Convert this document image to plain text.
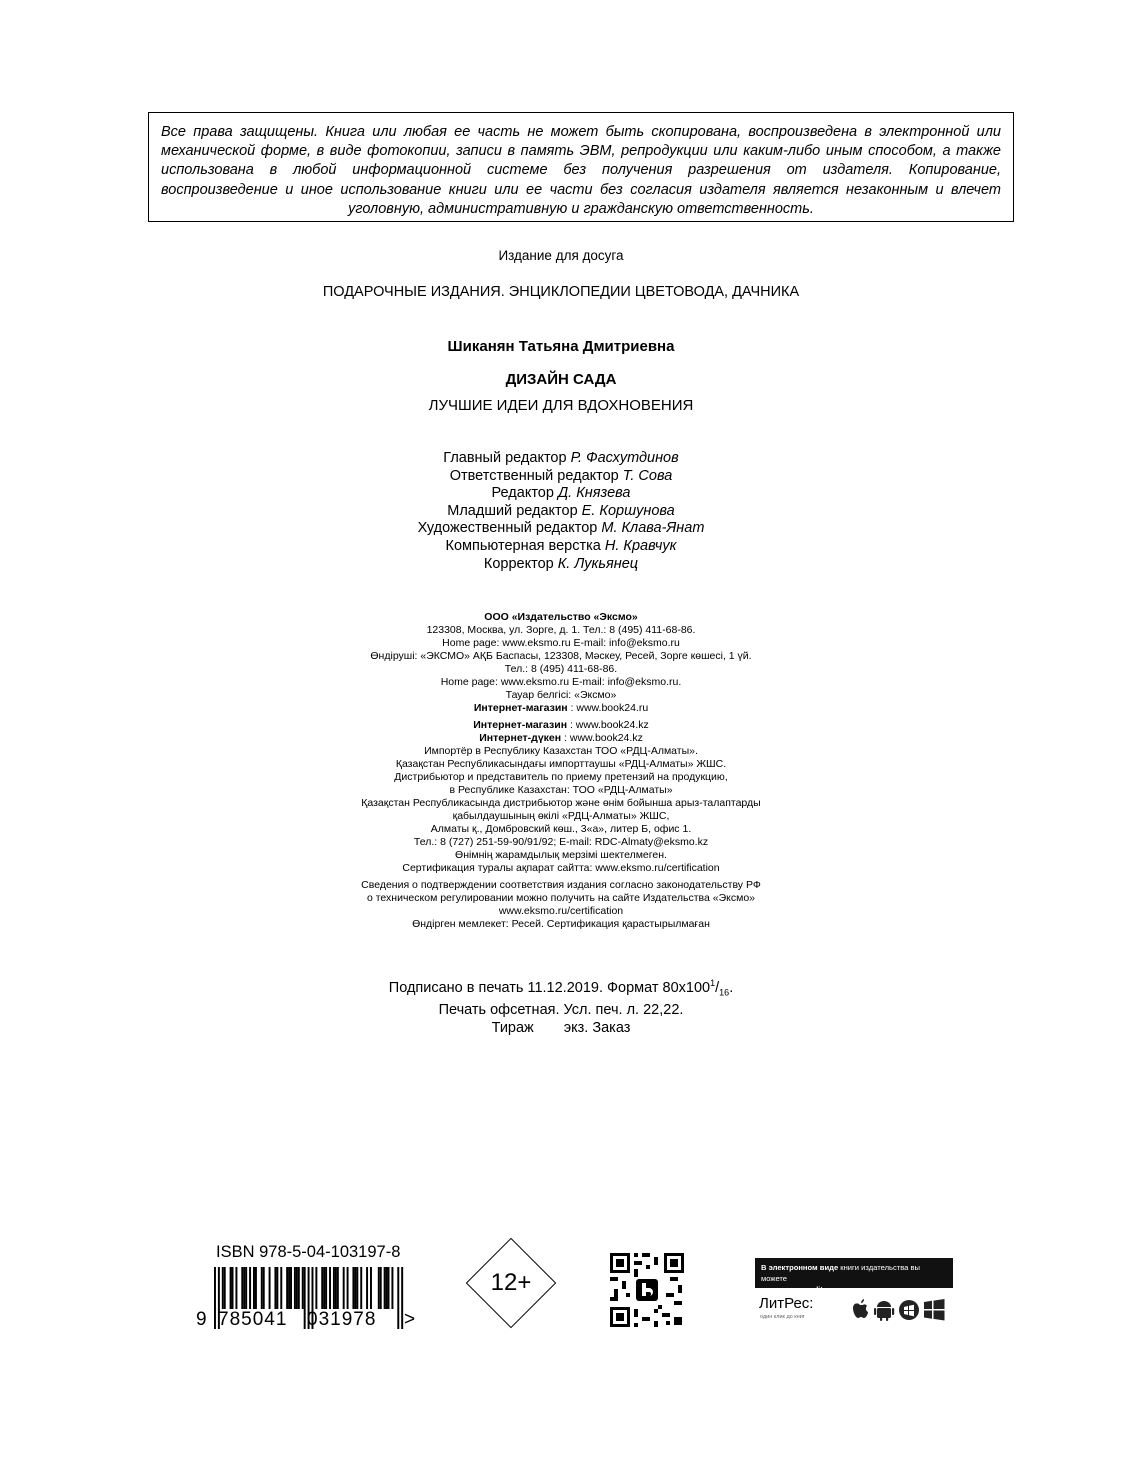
Все права защищены. Книга или любая ее часть не может быть скопирована, воспроизведена в электронной или механической форме, в виде фотокопии, записи в память ЭВМ, репродукции или каким-либо иным способом, а также использована в любой информационной системе без получения разрешения от издателя. Копирование, воспроизведение и иное использование книги или ее части без согласия издателя является незаконным и влечет уголовную, административную и гражданскую ответственность.
Издание для досуга
ПОДАРОЧНЫЕ ИЗДАНИЯ. ЭНЦИКЛОПЕДИИ ЦВЕТОВОДА, ДАЧНИКА
Шиканян Татьяна Дмитриевна
ДИЗАЙН САДА
ЛУЧШИЕ ИДЕИ ДЛЯ ВДОХНОВЕНИЯ
Главный редактор Р. Фасхутдинов
Ответственный редактор Т. Сова
Редактор Д. Князева
Младший редактор Е. Коршунова
Художественный редактор М. Клава-Янат
Компьютерная верстка Н. Кравчук
Корректор К. Лукьянец
ООО «Издательство «Эксмо»
123308, Москва, ул. Зорге, д. 1. Тел.: 8 (495) 411-68-86.
Home page: www.eksmo.ru E-mail: info@eksmo.ru
Өндіруші: «ЭКСМО» АҚБ Баспасы, 123308, Мәскеу, Ресей, Зорге көшесі, 1 үй.
Тел.: 8 (495) 411-68-86.
Home page: www.eksmo.ru E-mail: info@eksmo.ru.
Тауар белгісі: «Эксмо»
Интернет-магазин : www.book24.ru
Интернет-магазин : www.book24.kz
Интернет-дүкен : www.book24.kz
Импортёр в Республику Казахстан ТОО «РДЦ-Алматы».
Қазақстан Республикасындағы импорттаушы «РДЦ-Алматы» ЖШС.
Дистрибьютор и представитель по приему претензий на продукцию,
в Республике Казахстан: ТОО «РДЦ-Алматы»
Қазақстан Республикасында дистрибьютор және өнім бойынша арыз-талаптарды
қабылдаушының өкілі «РДЦ-Алматы» ЖШС,
Алматы қ., Домбровский көш., 3«а», литер Б, офис 1.
Тел.: 8 (727) 251-59-90/91/92; E-mail: RDC-Almaty@eksmo.kz
Өнімнің жарамдылық мерзімі шектелмеген.
Сертификация туралы ақпарат сайтта: www.eksmo.ru/certification
Сведения о подтверждении соответствия издания согласно законодательству РФ
о техническом регулировании можно получить на сайте Издательства «Эксмо»
www.eksmo.ru/certification
Өндірген мемлекет: Ресей. Сертификация қарастырылмаған
Подписано в печать 11.12.2019. Формат $80x100^1/_{16}$.
Печать офсетная. Усл. печ. л. 22,22.
Тираж экз. Заказ
ISBN 978-5-04-103197-8
9 785041 031978 >
12+
В электронном виде книги издательства вы можете
купить на www.litres.ru
ЛитРес:
один клик до книг
